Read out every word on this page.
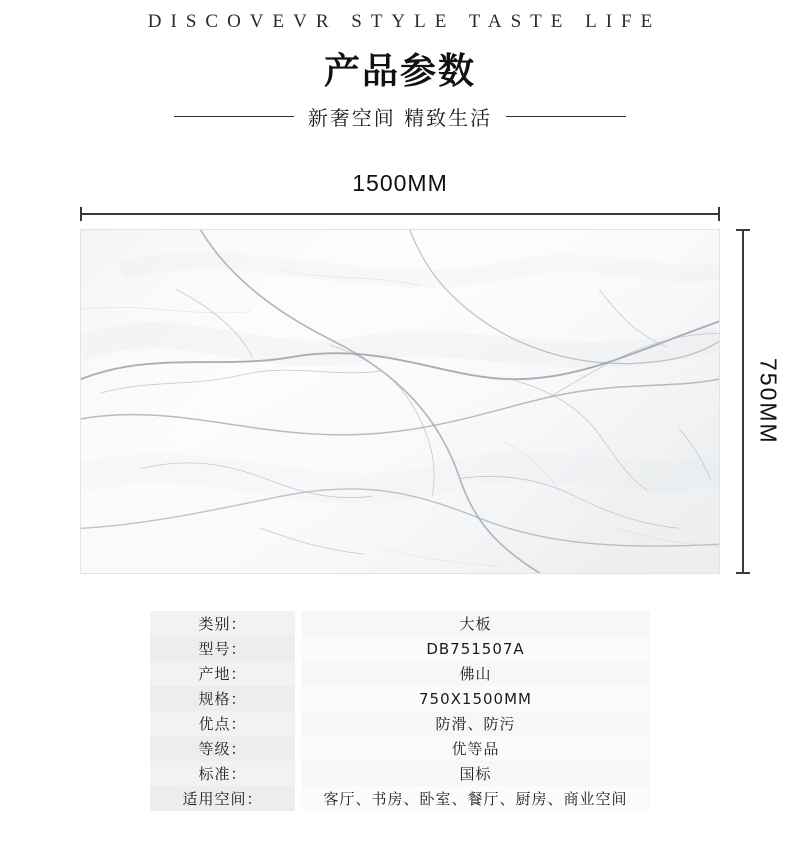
DISCOVEVR STYLE TASTE LIFE
产品参数
新奢空间 精致生活
1500MM
750MM
类别：	大板
型号：	DB751507A
产地：	佛山
规格：	750X1500MM
优点：	防滑、防污
等级：	优等品
标准：	国标
适用空间：	客厅、书房、卧室、餐厅、厨房、商业空间
